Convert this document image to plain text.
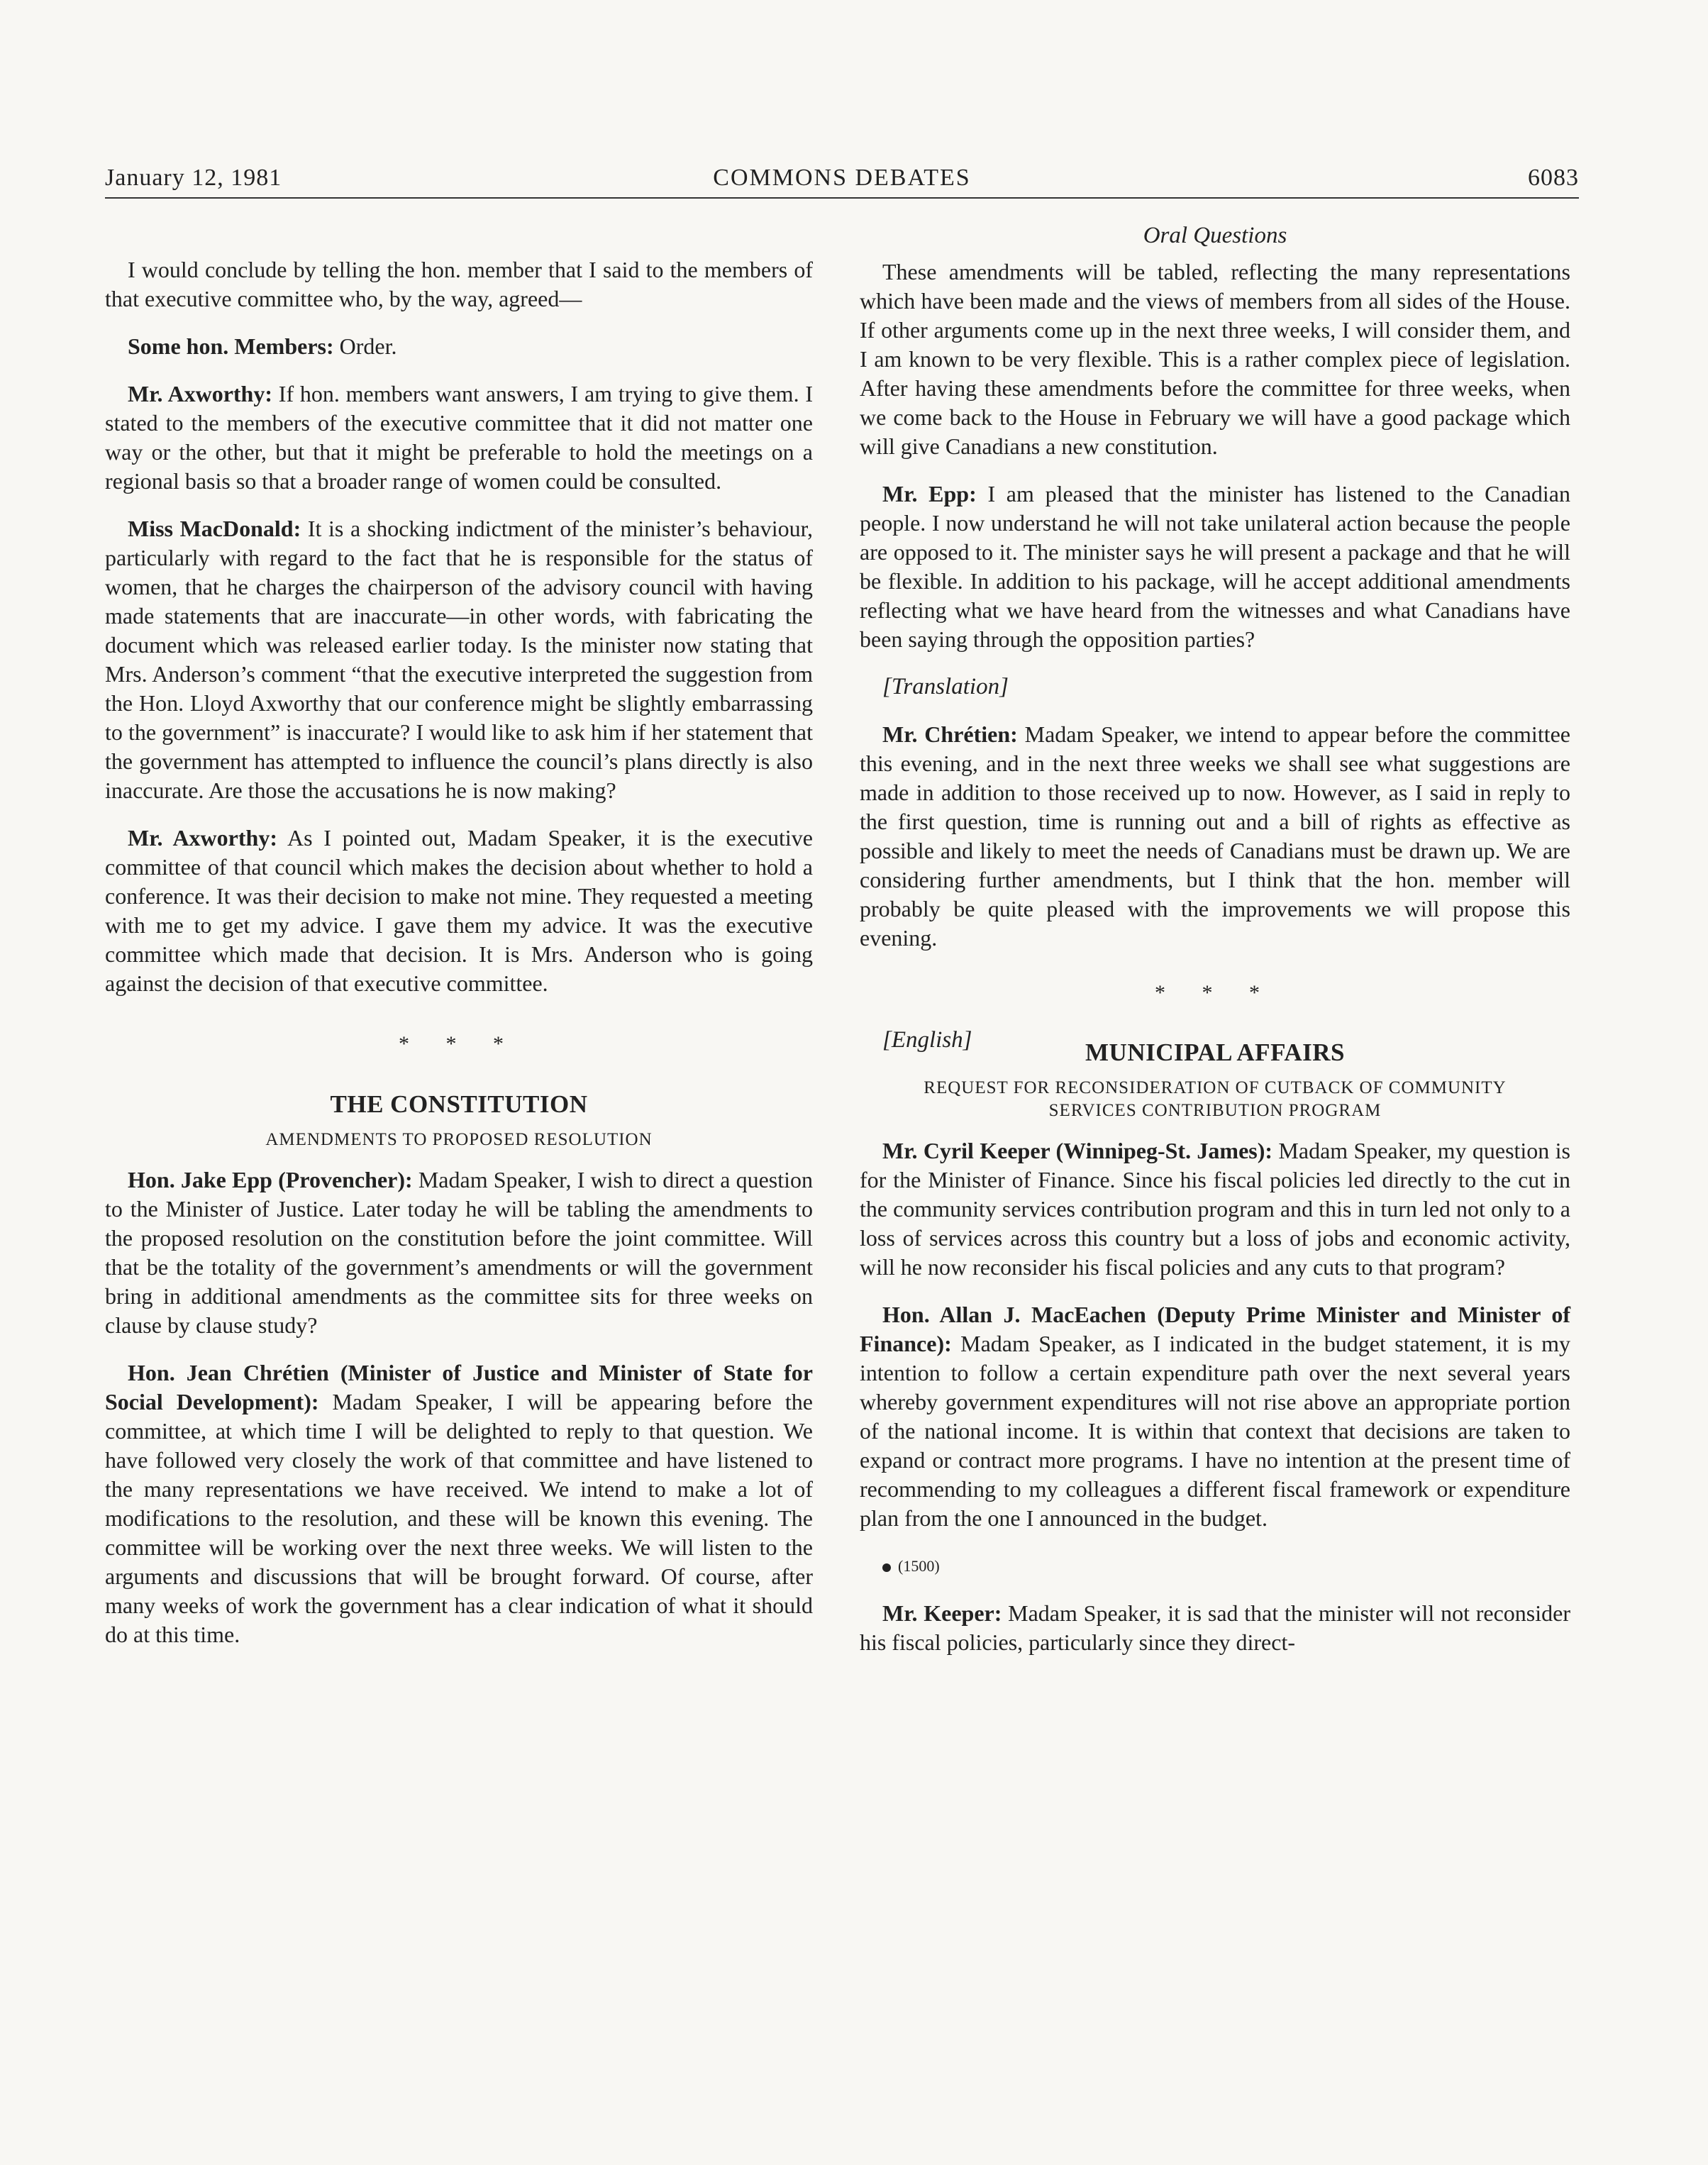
January 12, 1981	COMMONS DEBATES	6083

I would conclude by telling the hon. member that I said to the members of that executive committee who, by the way, agreed—

Some hon. Members: Order.

Mr. Axworthy: If hon. members want answers, I am trying to give them. I stated to the members of the executive committee that it did not matter one way or the other, but that it might be preferable to hold the meetings on a regional basis so that a broader range of women could be consulted.

Miss MacDonald: It is a shocking indictment of the minister’s behaviour, particularly with regard to the fact that he is responsible for the status of women, that he charges the chairperson of the advisory council with having made statements that are inaccurate—in other words, with fabricating the document which was released earlier today. Is the minister now stating that Mrs. Anderson’s comment “that the executive interpreted the suggestion from the Hon. Lloyd Axworthy that our conference might be slightly embarrassing to the government” is inaccurate? I would like to ask him if her statement that the government has attempted to influence the council’s plans directly is also inaccurate. Are those the accusations he is now making?

Mr. Axworthy: As I pointed out, Madam Speaker, it is the executive committee of that council which makes the decision about whether to hold a conference. It was their decision to make not mine. They requested a meeting with me to get my advice. I gave them my advice. It was the executive committee which made that decision. It is Mrs. Anderson who is going against the decision of that executive committee.

* * *
THE CONSTITUTION
AMENDMENTS TO PROPOSED RESOLUTION

Hon. Jake Epp (Provencher): Madam Speaker, I wish to direct a question to the Minister of Justice. Later today he will be tabling the amendments to the proposed resolution on the constitution before the joint committee. Will that be the totality of the government’s amendments or will the government bring in additional amendments as the committee sits for three weeks on clause by clause study?

Hon. Jean Chrétien (Minister of Justice and Minister of State for Social Development): Madam Speaker, I will be appearing before the committee, at which time I will be delighted to reply to that question. We have followed very closely the work of that committee and have listened to the many representations we have received. We intend to make a lot of modifications to the resolution, and these will be known this evening. The committee will be working over the next three weeks. We will listen to the arguments and discussions that will be brought forward. Of course, after many weeks of work the government has a clear indication of what it should do at this time.

Oral Questions

These amendments will be tabled, reflecting the many representations which have been made and the views of members from all sides of the House. If other arguments come up in the next three weeks, I will consider them, and I am known to be very flexible. This is a rather complex piece of legislation. After having these amendments before the committee for three weeks, when we come back to the House in February we will have a good package which will give Canadians a new constitution.

Mr. Epp: I am pleased that the minister has listened to the Canadian people. I now understand he will not take unilateral action because the people are opposed to it. The minister says he will present a package and that he will be flexible. In addition to his package, will he accept additional amendments reflecting what we have heard from the witnesses and what Canadians have been saying through the opposition parties?

[Translation]

Mr. Chrétien: Madam Speaker, we intend to appear before the committee this evening, and in the next three weeks we shall see what suggestions are made in addition to those received up to now. However, as I said in reply to the first question, time is running out and a bill of rights as effective as possible and likely to meet the needs of Canadians must be drawn up. We are considering further amendments, but I think that the hon. member will probably be quite pleased with the improvements we will propose this evening.

* * *

[English]	MUNICIPAL AFFAIRS
REQUEST FOR RECONSIDERATION OF CUTBACK OF COMMUNITY SERVICES CONTRIBUTION PROGRAM

Mr. Cyril Keeper (Winnipeg-St. James): Madam Speaker, my question is for the Minister of Finance. Since his fiscal policies led directly to the cut in the community services contribution program and this in turn led not only to a loss of services across this country but a loss of jobs and economic activity, will he now reconsider his fiscal policies and any cuts to that program?

Hon. Allan J. MacEachen (Deputy Prime Minister and Minister of Finance): Madam Speaker, as I indicated in the budget statement, it is my intention to follow a certain expenditure path over the next several years whereby government expenditures will not rise above an appropriate portion of the national income. It is within that context that decisions are taken to expand or contract more programs. I have no intention at the present time of recommending to my colleagues a different fiscal framework or expenditure plan from the one I announced in the budget.

(1500)

Mr. Keeper: Madam Speaker, it is sad that the minister will not reconsider his fiscal policies, particularly since they direct-
